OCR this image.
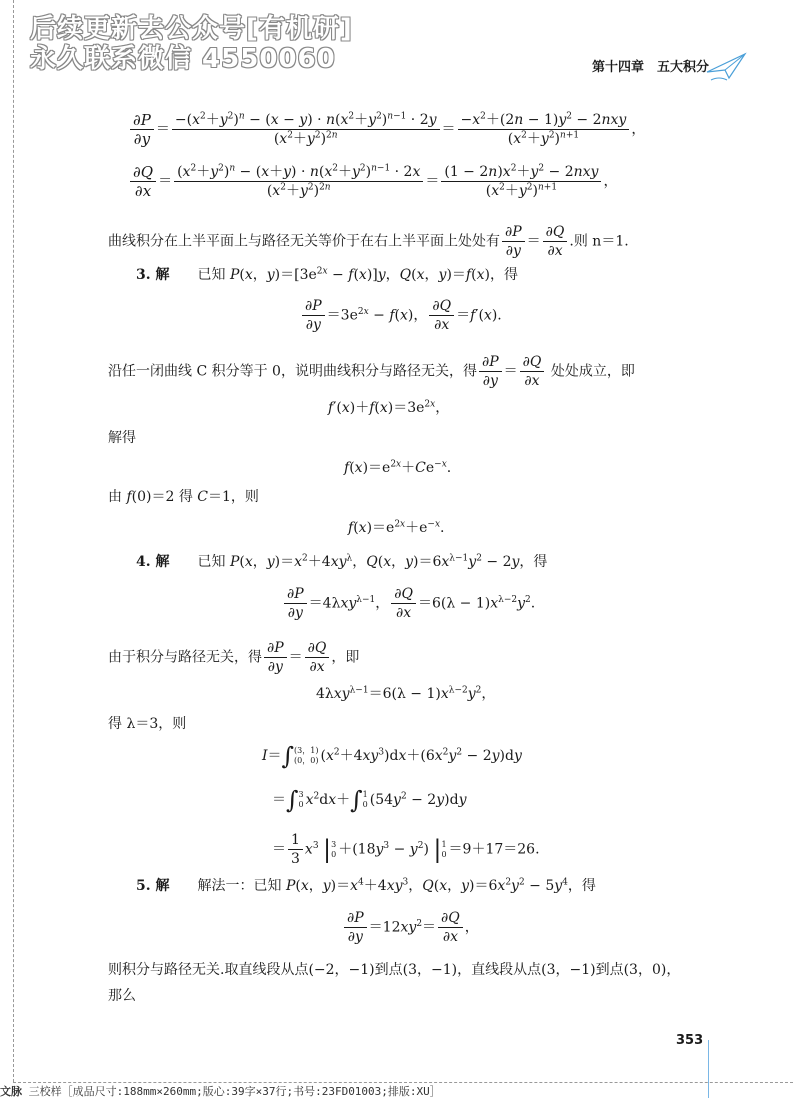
后续更新去公众号[有机研]
永久联系微信 4550060	第十四章　五大积分
$\frac{\partial P}{\partial y} = \frac{-(x^2+y^2)^n - (x - y) \cdot n(x^2+y^2)^{n-1} \cdot 2y}{(x^2+y^2)^{2n}} = \frac{-x^2+(2n - 1)y^2 - 2nxy}{(x^2+y^2)^{n+1}}$ ，
$\frac{\partial Q}{\partial x} = \frac{(x^2+y^2)^n - (x+y) \cdot n(x^2+y^2)^{n-1} \cdot 2x}{(x^2+y^2)^{2n}} = \frac{(1 - 2n)x^2+y^2 - 2nxy}{(x^2+y^2)^{n+1}}$ ，
曲线积分在上半平面上与路径无关等价于在右上半平面上处处有 $\frac{\partial P}{\partial y} = \frac{\partial Q}{\partial x}$ .则 n＝1.
3. 解　　已知 P(x，$y)=[3e^{2x} - f(x)]y$，Q(x，y)＝f(x)，得
$\frac{\partial P}{\partial y} =3e^{2x} - f(x)$， $\frac{\partial Q}{\partial x} =f'(x)$.
沿任一闭曲线 C 积分等于 0，说明曲线积分与路径无关，得 $\frac{\partial P}{\partial y} = \frac{\partial Q}{\partial x}$ 处处成立，即
$f'(x)+f(x)=3e^{2x}$，
解得
$f(x)=e^{2x}+Ce^{-x}$.
由 f(0)＝2 得 C＝1，则
$f(x)=e^{2x}+e^{-x}$.
4. 解　　已知 P(x，$y)=x^2+4xy^\lambda$，Q(x，$y)=6x^{\lambda-1}y^2 - 2y$，得
$\frac{\partial P}{\partial y} =4\lambda xy^{\lambda-1}$， $\frac{\partial Q}{\partial x} =6(\lambda - 1)x^{\lambda-2}y^2$.
由于积分与路径无关，得 $\frac{\partial P}{\partial y} = \frac{\partial Q}{\partial x}$ ，即
$4\lambda xy^{\lambda-1}=6(\lambda - 1)x^{\lambda-2}y^2$，
得 λ＝3，则
I＝∫ (3，1)
(0，0) $(x^2+4xy^3)dx+(6x^2y^2 - 2y)dy$
＝∫ 3
0 $x^2dx+\int$ 1
0 $(54y^2 - 2y)dy$
＝ $\frac{1}{3} x^3$ | 3
$0 +(18y^3 - y^2)$ | 1
0 ＝9＋17＝26.
5. 解　　解法一：已知 P(x，$y)=x^4+4xy^3$，Q(x，$y)=6x^2y^2 - 5y^4$，得
$\frac{\partial P}{\partial y} =12xy^2= \frac{\partial Q}{\partial x}$ ，
则积分与路径无关.取直线段从点(−2，−1)到点(3，−1)，直线段从点(3，−1)到点(3，0)，
那么
353
文脉 三校样［成品尺寸:188mm×260mm;版心:39字×37行;书号:23FD01003;排版:XU］
